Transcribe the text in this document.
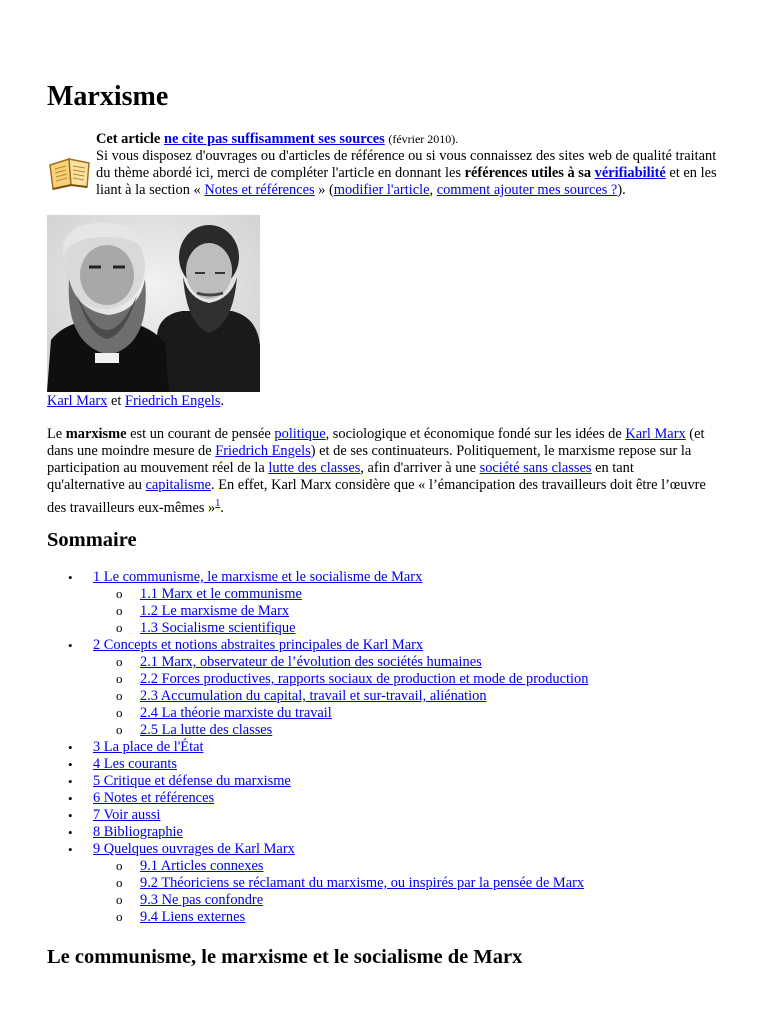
Marxisme
Cet article ne cite pas suffisamment ses sources (février 2010).
Si vous disposez d'ouvrages ou d'articles de référence ou si vous connaissez des sites web de qualité traitant du thème abordé ici, merci de compléter l'article en donnant les références utiles à sa vérifiabilité et en les liant à la section « Notes et références » (modifier l'article, comment ajouter mes sources ?).
Karl Marx et Friedrich Engels.
Le marxisme est un courant de pensée politique, sociologique et économique fondé sur les idées de Karl Marx (et dans une moindre mesure de Friedrich Engels) et de ses continuateurs. Politiquement, le marxisme repose sur la participation au mouvement réel de la lutte des classes, afin d'arriver à une société sans classes en tant qu'alternative au capitalisme. En effet, Karl Marx considère que « l’émancipation des travailleurs doit être l’œuvre des travailleurs eux-mêmes »$^1$.
Sommaire
• 1 Le communisme, le marxisme et le socialisme de Marx
o 1.1 Marx et le communisme
o 1.2 Le marxisme de Marx
o 1.3 Socialisme scientifique
• 2 Concepts et notions abstraites principales de Karl Marx
o 2.1 Marx, observateur de l’évolution des sociétés humaines
o 2.2 Forces productives, rapports sociaux de production et mode de production
o 2.3 Accumulation du capital, travail et sur-travail, aliénation
o 2.4 La théorie marxiste du travail
o 2.5 La lutte des classes
• 3 La place de l'État
• 4 Les courants
• 5 Critique et défense du marxisme
• 6 Notes et références
• 7 Voir aussi
• 8 Bibliographie
• 9 Quelques ouvrages de Karl Marx
o 9.1 Articles connexes
o 9.2 Théoriciens se réclamant du marxisme, ou inspirés par la pensée de Marx
o 9.3 Ne pas confondre
o 9.4 Liens externes
Le communisme, le marxisme et le socialisme de Marx
